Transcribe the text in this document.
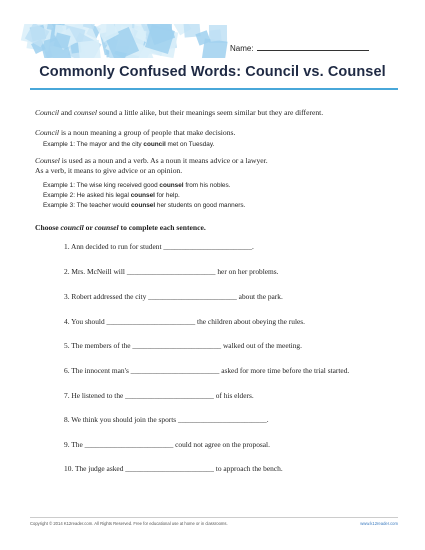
Name:
Commonly Confused Words: Council vs. Counsel
Council and counsel sound a little alike, but their meanings seem similar but they are different.
Council is a noun meaning a group of people that make decisions.
Example 1: The mayor and the city council met on Tuesday.
Counsel is used as a noun and a verb. As a noun it means advice or a lawyer.
As a verb, it means to give advice or an opinion.
Example 1: The wise king received good counsel from his nobles.
Example 2: He asked his legal counsel for help.
Example 3: The teacher would counsel her students on good manners.
Choose council or counsel to complete each sentence.
1. Ann decided to run for student ________________________.
2. Mrs. McNeill will ________________________ her on her problems.
3. Robert addressed the city ________________________ about the park.
4. You should ________________________ the children about obeying the rules.
5. The members of the ________________________ walked out of the meeting.
6. The innocent man's ________________________ asked for more time before the trial started.
7. He listened to the ________________________ of his elders.
8. We think you should join the sports ________________________.
9. The ________________________ could not agree on the proposal.
10. The judge asked ________________________ to approach the bench.
Copyright © 2014 K12reader.com. All Rights Reserved. Free for educational use at home or in classrooms.	www.k12reader.com
